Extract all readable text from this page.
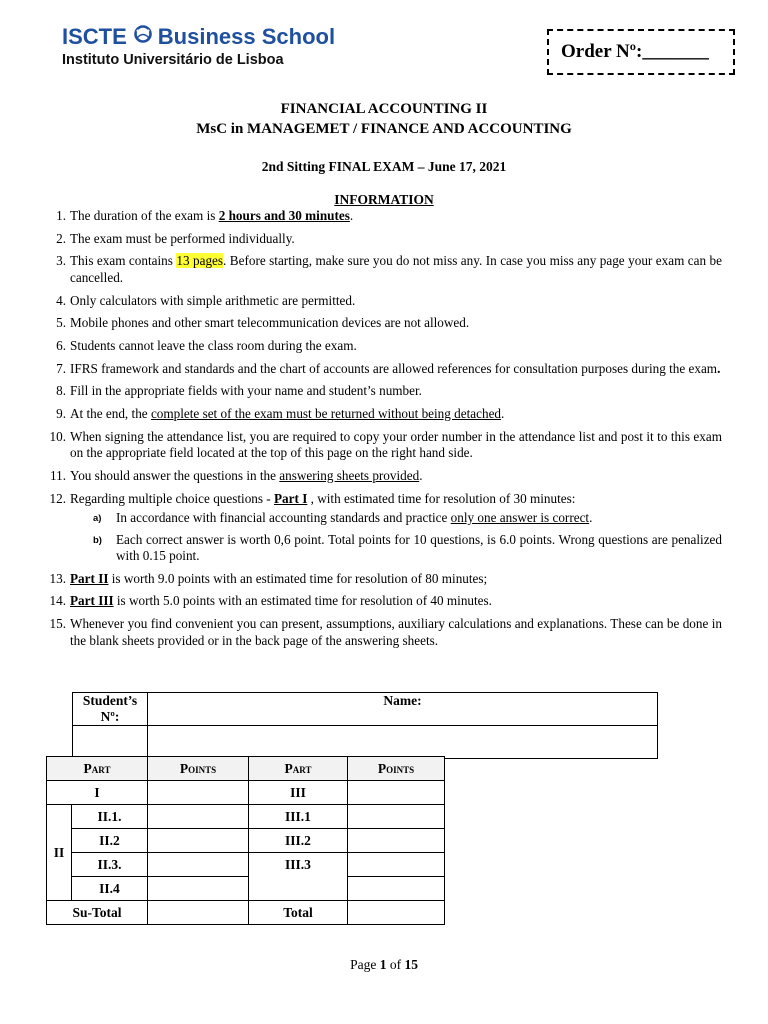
ISCTE Business School
Instituto Universitário de Lisboa	Order Nº:_______
FINANCIAL ACCOUNTING II
MsC in MANAGEMET / FINANCE AND ACCOUNTING
2nd Sitting FINAL EXAM – June 17, 2021
INFORMATION
1. The duration of the exam is 2 hours and 30 minutes.
2. The exam must be performed individually.
3. This exam contains 13 pages. Before starting, make sure you do not miss any. In case you miss any page your exam can be cancelled.
4. Only calculators with simple arithmetic are permitted.
5. Mobile phones and other smart telecommunication devices are not allowed.
6. Students cannot leave the class room during the exam.
7. IFRS framework and standards and the chart of accounts are allowed references for consultation purposes during the exam.
8. Fill in the appropriate fields with your name and student’s number.
9. At the end, the complete set of the exam must be returned without being detached.
10. When signing the attendance list, you are required to copy your order number in the attendance list and post it to this exam on the appropriate field located at the top of this page on the right hand side.
11. You should answer the questions in the answering sheets provided.
12. Regarding multiple choice questions - Part I , with estimated time for resolution of 30 minutes:
a) In accordance with financial accounting standards and practice only one answer is correct.
b) Each correct answer is worth 0,6 point. Total points for 10 questions, is 6.0 points. Wrong questions are penalized with 0.15 point.
13. Part II is worth 9.0 points with an estimated time for resolution of 80 minutes;
14. Part III is worth 5.0 points with an estimated time for resolution of 40 minutes.
15. Whenever you find convenient you can present, assumptions, auxiliary calculations and explanations. These can be done in the blank sheets provided or in the back page of the answering sheets.
Student’s Nº:	Name:

Part		Points	Part	Points
I			III	
II	II.1.		III.1	
	II.2		III.2	
	II.3.		III.3	
	II.4			
Su-Total			Total	
Page 1 of 15
